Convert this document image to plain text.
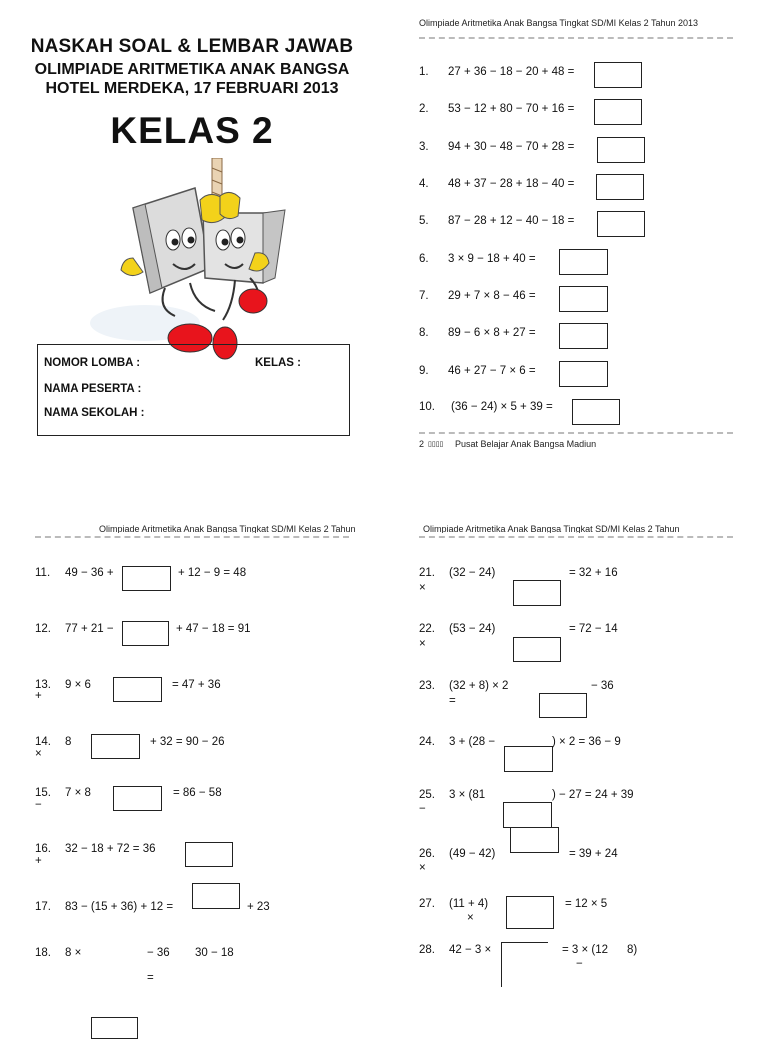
NASKAH SOAL & LEMBAR JAWAB
OLIMPIADE ARITMETIKA ANAK BANGSA
HOTEL MERDEKA, 17 FEBRUARI 2013
KELAS 2
NOMOR LOMBA :	KELAS :
NAMA PESERTA :
NAMA SEKOLAH :
Olimpiade Aritmetika Anak Bangsa Tingkat SD/MI Kelas 2 Tahun 2013
1. 27 + 36 − 18 − 20 + 48 =
2. 53 − 12 + 80 − 70 + 16 =
3. 94 + 30 − 48 − 70 + 28 =
4. 48 + 37 − 28 + 18 − 40 =
5. 87 − 28 + 12 − 40 − 18 =
6. 3 × 9 − 18 + 40 =
7. 29 + 7 × 8 − 46 =
8. 89 − 6 × 8 + 27 =
9. 46 + 27 − 7 × 6 =
10. (36 − 24) × 5 + 39 =
2 ▯▯▯▯ Pusat Belajar Anak Bangsa Madiun
Olimpiade Aritmetika Anak Bangsa Tingkat SD/MI Kelas 2 Tahun
11. 49 − 36 +	+ 12 − 9 = 48
12. 77 + 21 −	+ 47 − 18 = 91
13. 9 × 6	= 47 + 36
+
14. 8	+ 32 = 90 − 26
×
15. 7 × 8	= 86 − 58
−
16. 32 − 18 + 72 = 36
+
17. 83 − (15 + 36) + 12 =	+ 23
18. 8 ×	30 − 18
− 36
=
Olimpiade Aritmetika Anak Bangsa Tingkat SD/MI Kelas 2 Tahun
21. (32 − 24)	= 32 + 16
×
22. (53 − 24)	= 72 − 14
×
23. (32 + 8) × 2	− 36
=
24. 3 + (28 −	) × 2 = 36 − 9
25. 3 × (81	) − 27 = 24 + 39
−
26. (49 − 42)	= 39 + 24
×
27. (11 + 4)	= 12 × 5
×
28. 42 − 3 ×	= 3 × (12 8)
−
